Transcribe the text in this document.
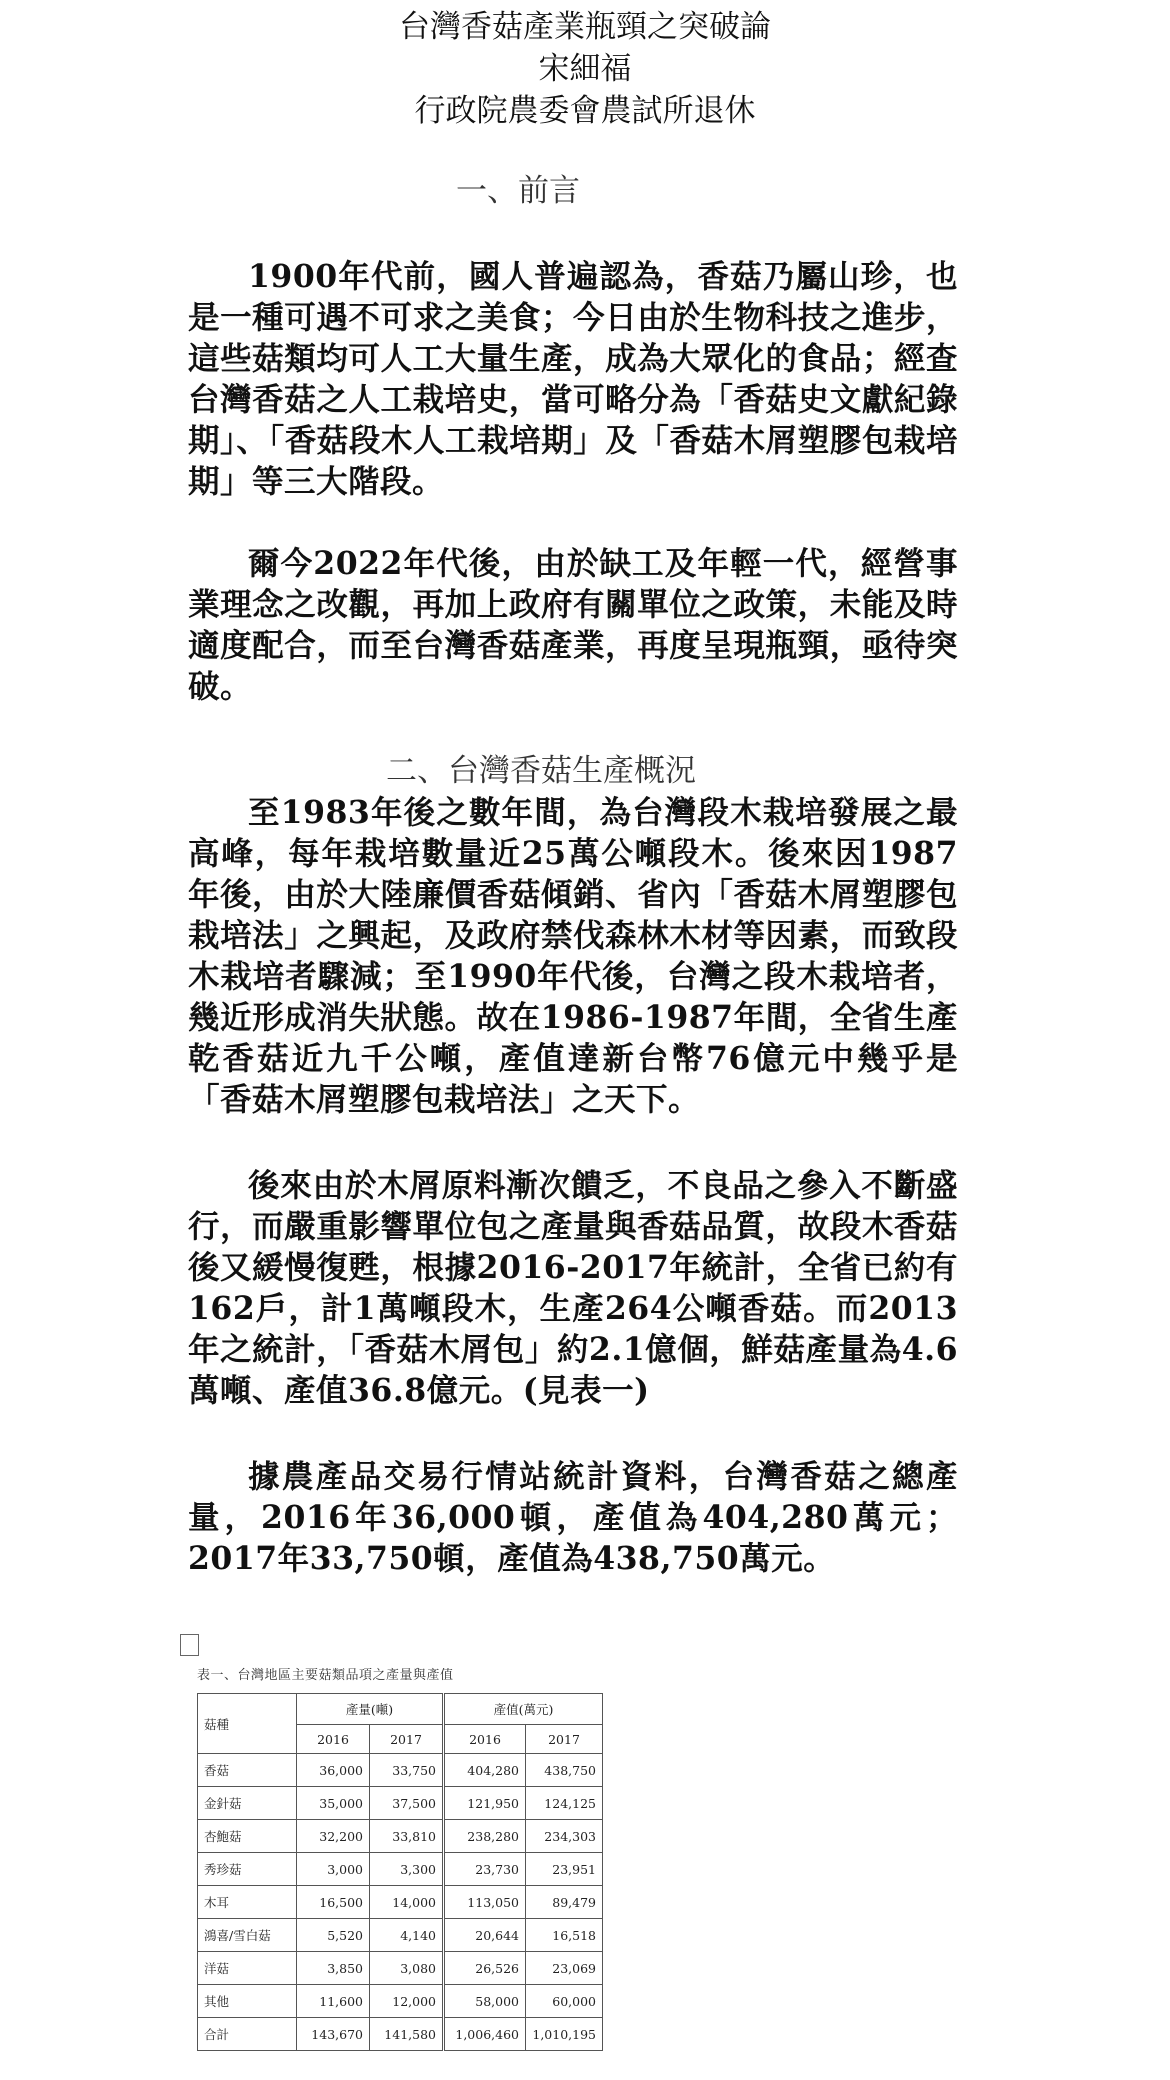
台灣香菇產業瓶頸之突破論
宋細福
行政院農委會農試所退休
一、前言

1900年代前，國人普遍認為，香菇乃屬山珍，也是一種可遇不可求之美食；今日由於生物科技之進步，這些菇類均可人工大量生產，成為大眾化的食品；經查台灣香菇之人工栽培史，當可略分為「香菇史文獻紀錄期」、「香菇段木人工栽培期」及「香菇木屑塑膠包栽培期」等三大階段。

爾今2022年代後，由於缺工及年輕一代，經營事業理念之改觀，再加上政府有關單位之政策，未能及時適度配合，而至台灣香菇產業，再度呈現瓶頸，亟待突破。

二、台灣香菇生產概況

至1983年後之數年間，為台灣段木栽培發展之最高峰，每年栽培數量近25萬公噸段木。後來因1987年後，由於大陸廉價香菇傾銷、省內「香菇木屑塑膠包栽培法」之興起，及政府禁伐森林木材等因素，而致段木栽培者驟減；至1990年代後，台灣之段木栽培者，幾近形成消失狀態。故在1986-1987年間，全省生產乾香菇近九千公噸，產值達新台幣76億元中幾乎是「香菇木屑塑膠包栽培法」之天下。

後來由於木屑原料漸次饋乏，不良品之參入不斷盛行，而嚴重影響單位包之產量與香菇品質，故段木香菇後又緩慢復甦，根據2016-2017年統計，全省已約有162戶，計1萬噸段木，生產264公噸香菇。而2013年之統計，「香菇木屑包」約2.1億個，鮮菇產量為4.6萬噸、產值36.8億元。(見表一)

據農產品交易行情站統計資料，台灣香菇之總產量，2016年36,000頓，產值為404,280萬元；2017年33,750頓，產值為438,750萬元。

表一、台灣地區主要菇類品項之產量與產值
菇種	產量(噸)		產值(萬元)	
	2016	2017	2016	2017
香菇	36,000	33,750	404,280	438,750
金針菇	35,000	37,500	121,950	124,125
杏鮑菇	32,200	33,810	238,280	234,303
秀珍菇	3,000	3,300	23,730	23,951
木耳	16,500	14,000	113,050	89,479
鴻喜/雪白菇	5,520	4,140	20,644	16,518
洋菇	3,850	3,080	26,526	23,069
其他	11,600	12,000	58,000	60,000
合計	143,670	141,580	1,006,460	1,010,195
